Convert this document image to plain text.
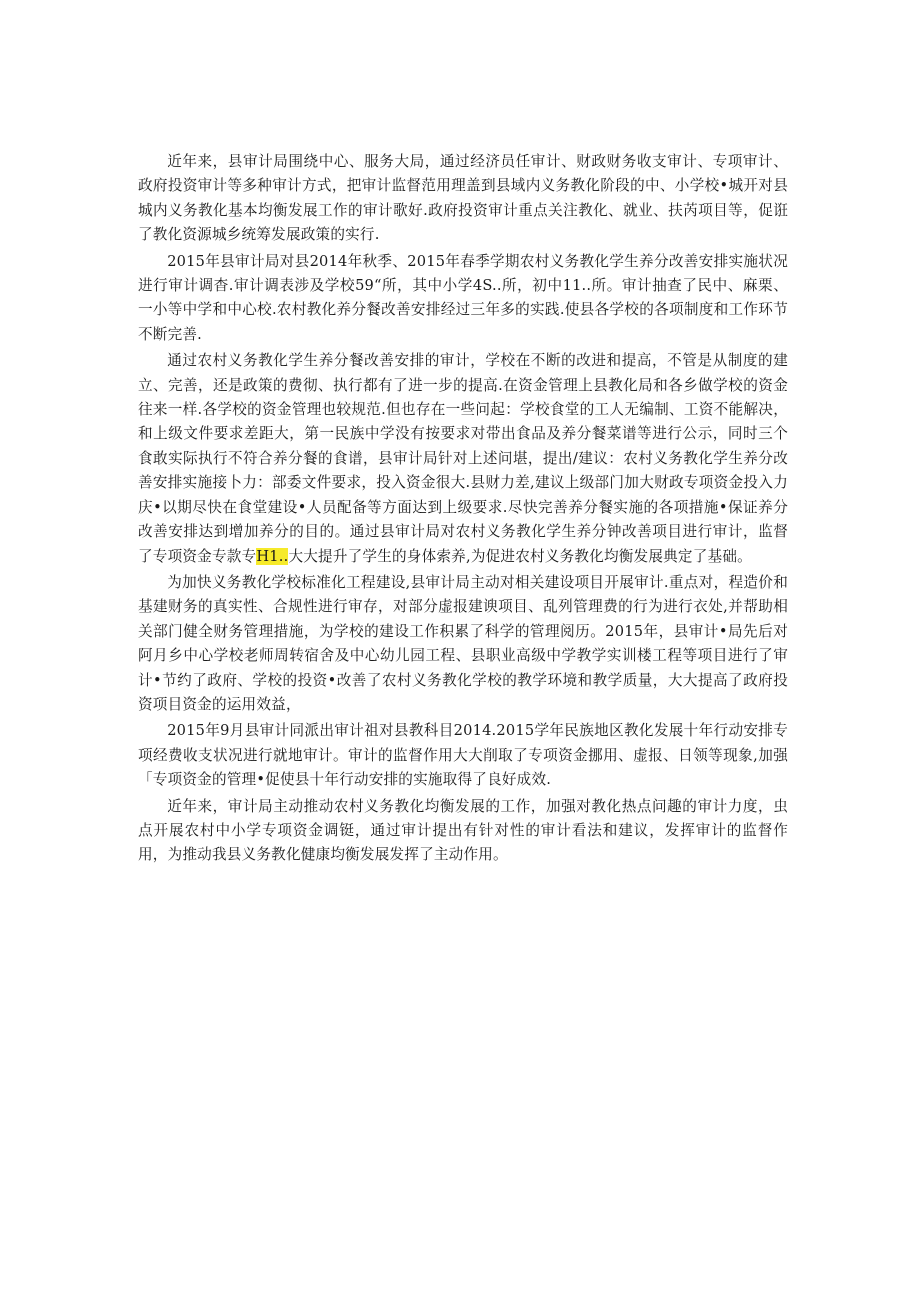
近年来，县审计局围绕中心、服务大局，通过经济员任审计、财政财务收支审计、专项审计、政府投资审计等多种审计方式，把审计监督范用理盖到县域内义务教化阶段的中、小学校•城开对县城内义务教化基本均衡发展工作的审计歌好.政府投资审计重点关注教化、就业、扶芮项目等，促诳了教化资源城乡统筹发展政策的实行.

2015年县审计局对县2014年秋季、2015年春季学期农村义务教化学生养分改善安排实施状况进行审计调杳.审计调表涉及学校59“所，其中小学4S..所，初中11..所。审计抽查了民中、麻栗、一小等中学和中心校.农村教化养分餐改善安排经过三年多的实践.使县各学校的各项制度和工作环节不断完善.

通过农村义务教化学生养分餐改善安排的审计，学校在不断的改进和提高，不管是从制度的建立、完善，还是政策的费彻、执行都有了进一步的提高.在资金管理上县教化局和各乡做学校的资金往来一样.各学校的资金管理也较规范.但也存在一些问起：学校食堂的工人无编制、工资不能解决，和上级文件要求差距大，第一民族中学没有按要求对带出食品及养分餐菜谱等进行公示，同时三个食敢实际执行不符合养分餐的食谱，县审计局针对上述问堪，提出/建议：农村义务教化学生养分改善安排实施接卜力：部委文件要求，投入资金很大.县财力差,建议上级部门加大财政专项资金投入力庆•以期尽快在食堂建设•人员配备等方面达到上级要求.尽快完善养分餐实施的各项措施•保证养分改善安排达到增加养分的目的。通过县审计局对农村义务教化学生养分钟改善项目进行审计，监督了专项资金专款专H1..大大提升了学生的身体索养,为促进农村义务教化均衡发展典定了基础。

为加快义务教化学校标准化工程建设,县审计局主动对相关建设项目开展审计.重点对，程造价和基建财务的真实性、合规性进行审存，对部分虚报建谀项目、乱列管理费的行为进行衣处,并帮助相关部门健全财务管理措施，为学校的建设工作积累了科学的管理阅历。2015年，县审计•局先后对阿月乡中心学校老师周转宿舍及中心幼儿园工程、县职业高级中学教学实训楼工程等项目进行了审计•节约了政府、学校的投资•改善了农村义务教化学校的教学环境和教学质量，大大提高了政府投资项目资金的运用效益，

2015年9月县审计同派出审计祖对县教科目2014.2015学年民族地区教化发展十年行动安排专项经费收支状况进行就地审计。审计的监督作用大大削取了专项资金挪用、虚报、日领等现象,加强「专项资金的管理•促使县十年行动安排的实施取得了良好成效.

近年来，审计局主动推动农村义务教化均衡发展的工作，加强对教化热点问趣的审计力度，虫点开展农村中小学专项资金调铤，通过审计提出有针对性的审计看法和建议，发挥审计的监督作用，为推动我县义务教化健康均衡发展发挥了主动作用。
